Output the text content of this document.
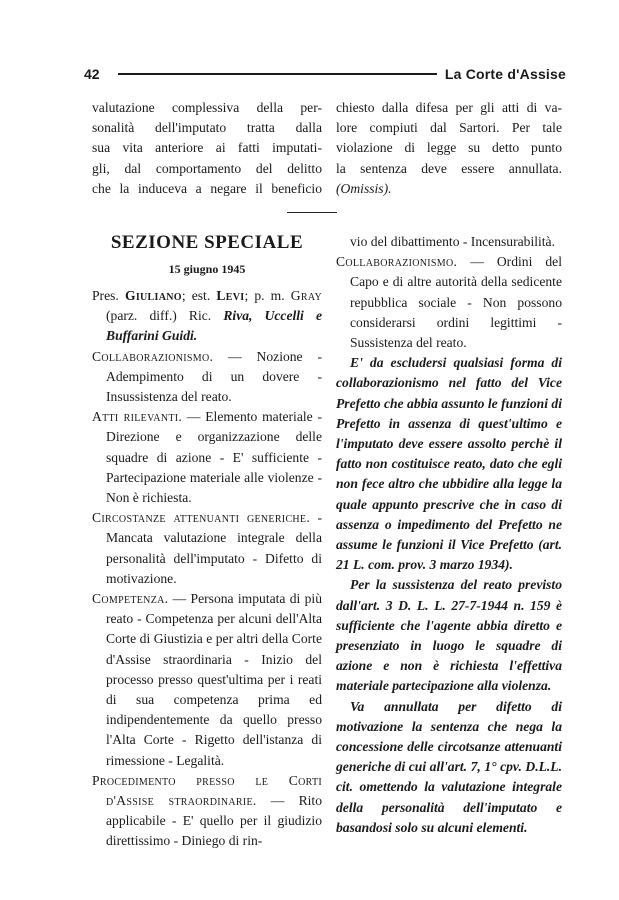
42	La Corte d'Assise
valutazione complessiva della per-
sonalità dell'imputato tratta dalla
sua vita anteriore ai fatti imputati-
gli, dal comportamento del delitto
che la induceva a negare il beneficio
chiesto dalla difesa per gli atti di va-
lore compiuti dal Sartori. Per tale
violazione di legge su detto punto
la sentenza deve essere annullata.
(Omissis).
SEZIONE SPECIALE
15 giugno 1945

Pres. Giuliano; est. Levi; p. m. Gray (parz. diff.) Ric. Riva, Uccelli e Buffarini Guidi.

Collaborazionismo. — Nozione - Adempimento di un dovere - Insussistenza del reato.

Atti rilevanti. — Elemento materiale - Direzione e organizzazione delle squadre di azione - E' sufficiente - Partecipazione materiale alle violenze - Non è richiesta.

Circostanze attenuanti generiche. - Mancata valutazione integrale della personalità dell'imputato - Difetto di motivazione.

Competenza. — Persona imputata di più reato - Competenza per alcuni dell'Alta Corte di Giustizia e per altri della Corte d'Assise straordinaria - Inizio del processo presso quest'ultima per i reati di sua competenza prima ed indipendentemente da quello presso l'Alta Corte - Rigetto dell'istanza di rimessione - Legalità.

Procedimento presso le Corti d'Assise straordinarie. — Rito applicabile - E' quello per il giudizio direttissimo - Diniego di rin-

vio del dibattimento - Incensurabilità.

Collaborazionismo. — Ordini del Capo e di altre autorità della sedicente repubblica sociale - Non possono considerarsi ordini legittimi - Sussistenza del reato.

E' da escludersi qualsiasi forma di collaborazionismo nel fatto del Vice Prefetto che abbia assunto le funzioni di Prefetto in assenza di quest'ultimo e l'imputato deve essere assolto perchè il fatto non costituisce reato, dato che egli non fece altro che ubbidire alla legge la quale appunto prescrive che in caso di assenza o impedimento del Prefetto ne assume le funzioni il Vice Prefetto (art. 21 L. com. prov. 3 marzo 1934).

Per la sussistenza del reato previsto dall'art. 3 D. L. L. 27-7-1944 n. 159 è sufficiente che l'agente abbia diretto e presenziato in luogo le squadre di azione e non è richiesta l'effettiva materiale partecipazione alla violenza.

Va annullata per difetto di motivazione la sentenza che nega la concessione delle circotsanze attenuanti generiche di cui all'art. 7, 1° cpv. D.L.L. cit. omettendo la valutazione integrale della personalità dell'imputato e basandosi solo su alcuni elementi.
